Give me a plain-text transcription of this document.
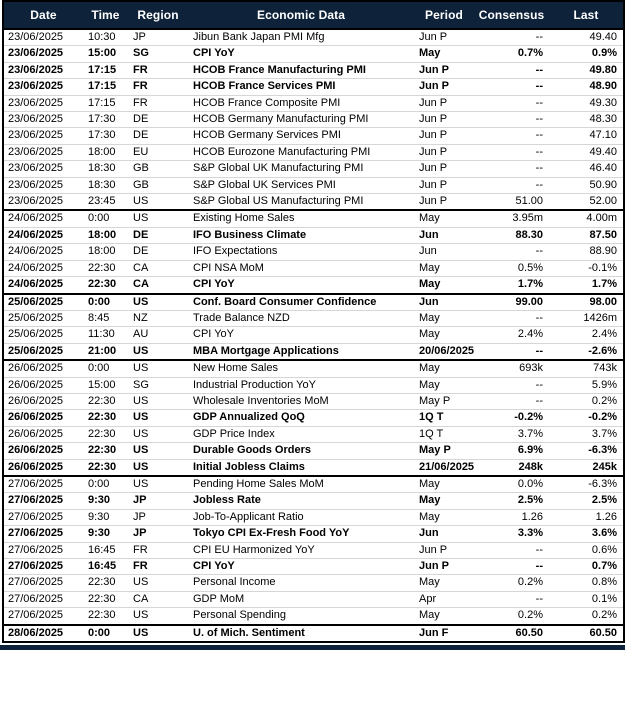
Date	Time	Region	Economic Data	Period	Consensus	Last
23/06/2025	10:30	JP	Jibun Bank Japan PMI Mfg	Jun P	--	49.40
23/06/2025	15:00	SG	CPI YoY	May	0.7%	0.9%
23/06/2025	17:15	FR	HCOB France Manufacturing PMI	Jun P	--	49.80
23/06/2025	17:15	FR	HCOB France Services PMI	Jun P	--	48.90
23/06/2025	17:15	FR	HCOB France Composite PMI	Jun P	--	49.30
23/06/2025	17:30	DE	HCOB Germany Manufacturing PMI	Jun P	--	48.30
23/06/2025	17:30	DE	HCOB Germany Services PMI	Jun P	--	47.10
23/06/2025	18:00	EU	HCOB Eurozone Manufacturing PMI	Jun P	--	49.40
23/06/2025	18:30	GB	S&P Global UK Manufacturing PMI	Jun P	--	46.40
23/06/2025	18:30	GB	S&P Global UK Services PMI	Jun P	--	50.90
23/06/2025	23:45	US	S&P Global US Manufacturing PMI	Jun P	51.00	52.00
24/06/2025	0:00	US	Existing Home Sales	May	3.95m	4.00m
24/06/2025	18:00	DE	IFO Business Climate	Jun	88.30	87.50
24/06/2025	18:00	DE	IFO Expectations	Jun	--	88.90
24/06/2025	22:30	CA	CPI NSA MoM	May	0.5%	-0.1%
24/06/2025	22:30	CA	CPI YoY	May	1.7%	1.7%
25/06/2025	0:00	US	Conf. Board Consumer Confidence	Jun	99.00	98.00
25/06/2025	8:45	NZ	Trade Balance NZD	May	--	1426m
25/06/2025	11:30	AU	CPI YoY	May	2.4%	2.4%
25/06/2025	21:00	US	MBA Mortgage Applications	20/06/2025	--	-2.6%
26/06/2025	0:00	US	New Home Sales	May	693k	743k
26/06/2025	15:00	SG	Industrial Production YoY	May	--	5.9%
26/06/2025	22:30	US	Wholesale Inventories MoM	May P	--	0.2%
26/06/2025	22:30	US	GDP Annualized QoQ	1Q T	-0.2%	-0.2%
26/06/2025	22:30	US	GDP Price Index	1Q T	3.7%	3.7%
26/06/2025	22:30	US	Durable Goods Orders	May P	6.9%	-6.3%
26/06/2025	22:30	US	Initial Jobless Claims	21/06/2025	248k	245k
27/06/2025	0:00	US	Pending Home Sales MoM	May	0.0%	-6.3%
27/06/2025	9:30	JP	Jobless Rate	May	2.5%	2.5%
27/06/2025	9:30	JP	Job-To-Applicant Ratio	May	1.26	1.26
27/06/2025	9:30	JP	Tokyo CPI Ex-Fresh Food YoY	Jun	3.3%	3.6%
27/06/2025	16:45	FR	CPI EU Harmonized YoY	Jun P	--	0.6%
27/06/2025	16:45	FR	CPI YoY	Jun P	--	0.7%
27/06/2025	22:30	US	Personal Income	May	0.2%	0.8%
27/06/2025	22:30	CA	GDP MoM	Apr	--	0.1%
27/06/2025	22:30	US	Personal Spending	May	0.2%	0.2%
28/06/2025	0:00	US	U. of Mich. Sentiment	Jun F	60.50	60.50
